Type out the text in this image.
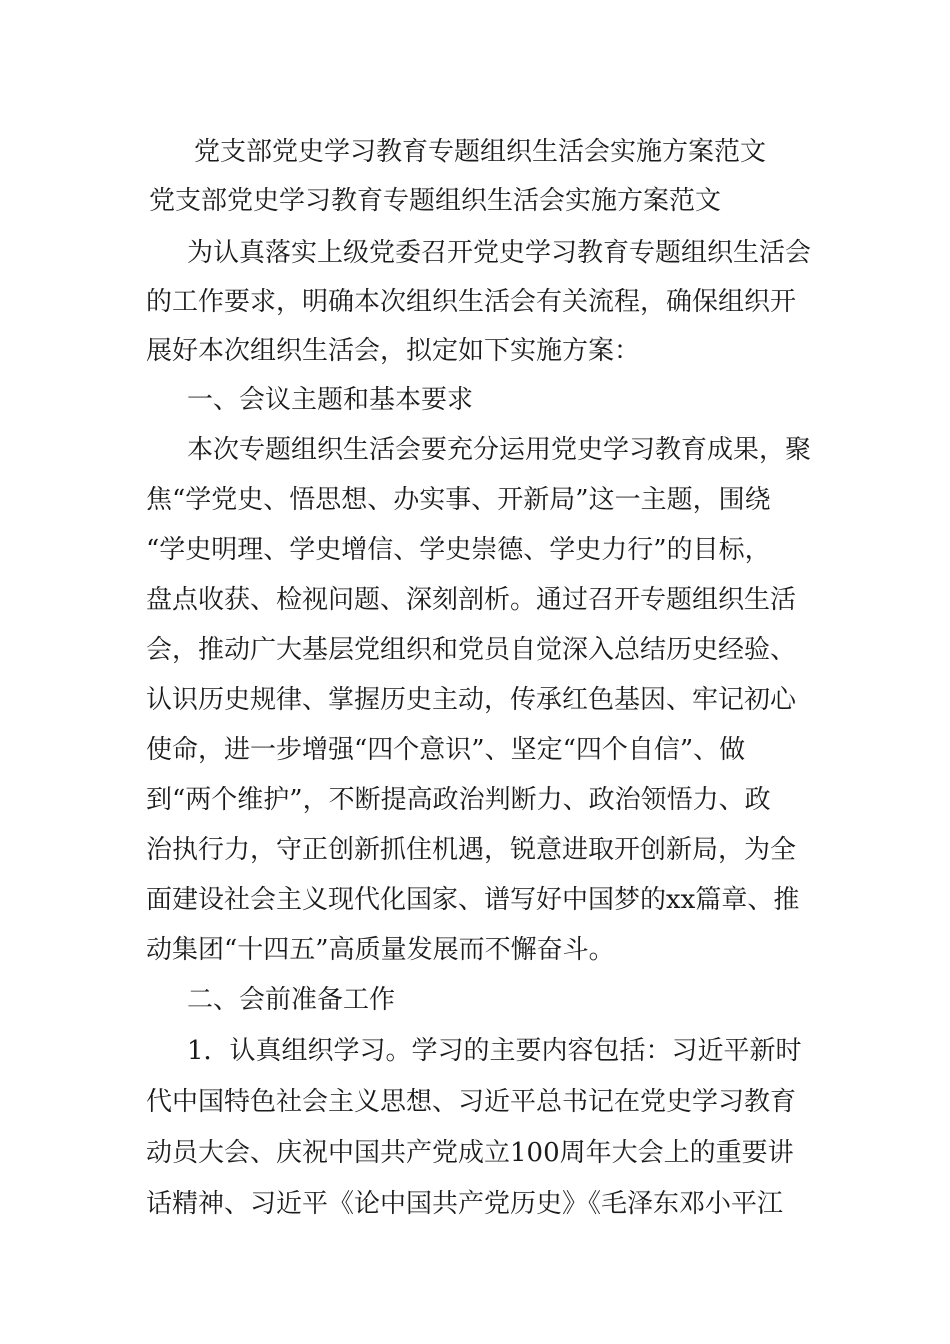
党支部党史学习教育专题组织生活会实施方案范文
党支部党史学习教育专题组织生活会实施方案范文
为认真落实上级党委召开党史学习教育专题组织生活会
的工作要求，明确本次组织生活会有关流程，确保组织开
展好本次组织生活会，拟定如下实施方案：
一、会议主题和基本要求
本次专题组织生活会要充分运用党史学习教育成果，聚
焦“学党史、悟思想、办实事、开新局”这一主题，围绕
“学史明理、学史增信、学史崇德、学史力行”的目标，
盘点收获、检视问题、深刻剖析。通过召开专题组织生活
会，推动广大基层党组织和党员自觉深入总结历史经验、
认识历史规律、掌握历史主动，传承红色基因、牢记初心
使命，进一步增强“四个意识”、坚定“四个自信”、做
到“两个维护”，不断提高政治判断力、政治领悟力、政
治执行力，守正创新抓住机遇，锐意进取开创新局，为全
面建设社会主义现代化国家、谱写好中国梦的xx篇章、推
动集团“十四五”高质量发展而不懈奋斗。
二、会前准备工作
1．认真组织学习。学习的主要内容包括：习近平新时
代中国特色社会主义思想、习近平总书记在党史学习教育
动员大会、庆祝中国共产党成立100周年大会上的重要讲
话精神、习近平《论中国共产党历史》《毛泽东邓小平江
